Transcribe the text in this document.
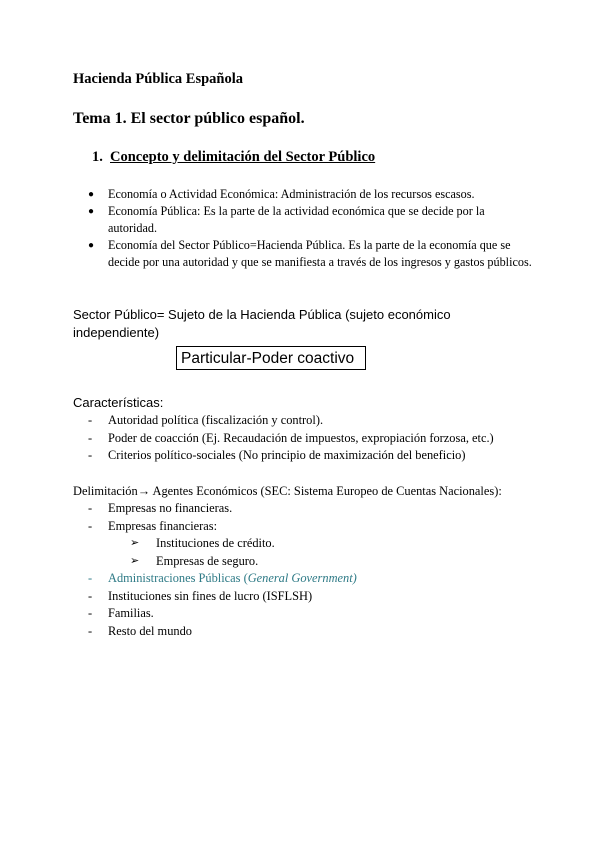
Hacienda Pública Española
Tema 1. El sector público español.
1. Concepto y delimitación del Sector Público
● Economía o Actividad Económica: Administración de los recursos escasos.
● Economía Pública: Es la parte de la actividad económica que se decide por la autoridad.
● Economía del Sector Público=Hacienda Pública. Es la parte de la economía que se decide por una autoridad y que se manifiesta a través de los ingresos y gastos públicos.
Sector Público= Sujeto de la Hacienda Pública (sujeto económico independiente)
Particular-Poder coactivo
Características:
- Autoridad política (fiscalización y control).
- Poder de coacción (Ej. Recaudación de impuestos, expropiación forzosa, etc.)
- Criterios político-sociales (No principio de maximización del beneficio)
Delimitación→ Agentes Económicos (SEC: Sistema Europeo de Cuentas Nacionales):
- Empresas no financieras.
- Empresas financieras:
➢ Instituciones de crédito.
➢ Empresas de seguro.
- Administraciones Públicas (General Government)
- Instituciones sin fines de lucro (ISFLSH)
- Familias.
- Resto del mundo
